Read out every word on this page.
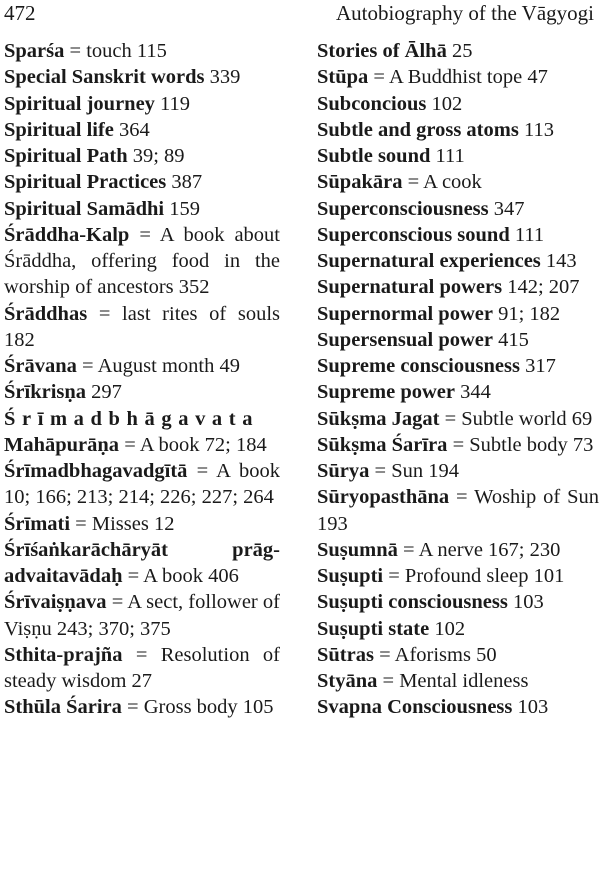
472	Autobiography of the Vāgyogi
Sparśa = touch 115
Special Sanskrit words 339
Spiritual journey 119
Spiritual life 364
Spiritual Path 39; 89
Spiritual Practices 387
Spiritual Samādhi 159
Śrāddha-Kalp = A book about Śrāddha, offering food in the worship of ancestors 352
Śrāddhas = last rites of souls 182
Śrāvana = August month 49
Śrīkrisṇa 297
Śrīmadbhāgavata Mahāpurāṇa = A book 72; 184
Śrīmadbhagavadgītā = A book 10; 166; 213; 214; 226; 227; 264
Śrīmati = Misses 12
Śrīśaṅkarāchāryāt prāg-advaitavādaḥ = A book 406
Śrīvaiṣṇava = A sect, follower of Viṣṇu 243; 370; 375
Sthita-prajña = Resolution of steady wisdom 27
Sthūla Śarira = Gross body 105
Stories of Ālhā 25
Stūpa = A Buddhist tope 47
Subconcious 102
Subtle and gross atoms 113
Subtle sound 111
Sūpakāra = A cook
Superconsciousness 347
Superconscious sound 111
Supernatural experiences 143
Supernatural powers 142; 207
Supernormal power 91; 182
Supersensual power 415
Supreme consciousness 317
Supreme power 344
Sūkṣma Jagat = Subtle world 69
Sūkṣma Śarīra = Subtle body 73
Sūrya = Sun 194
Sūryopasthāna = Woship of Sun 193
Suṣumnā = A nerve 167; 230
Suṣupti = Profound sleep 101
Suṣupti consciousness 103
Suṣupti state 102
Sūtras = Aforisms 50
Styāna = Mental idleness
Svapna Consciousness 103
